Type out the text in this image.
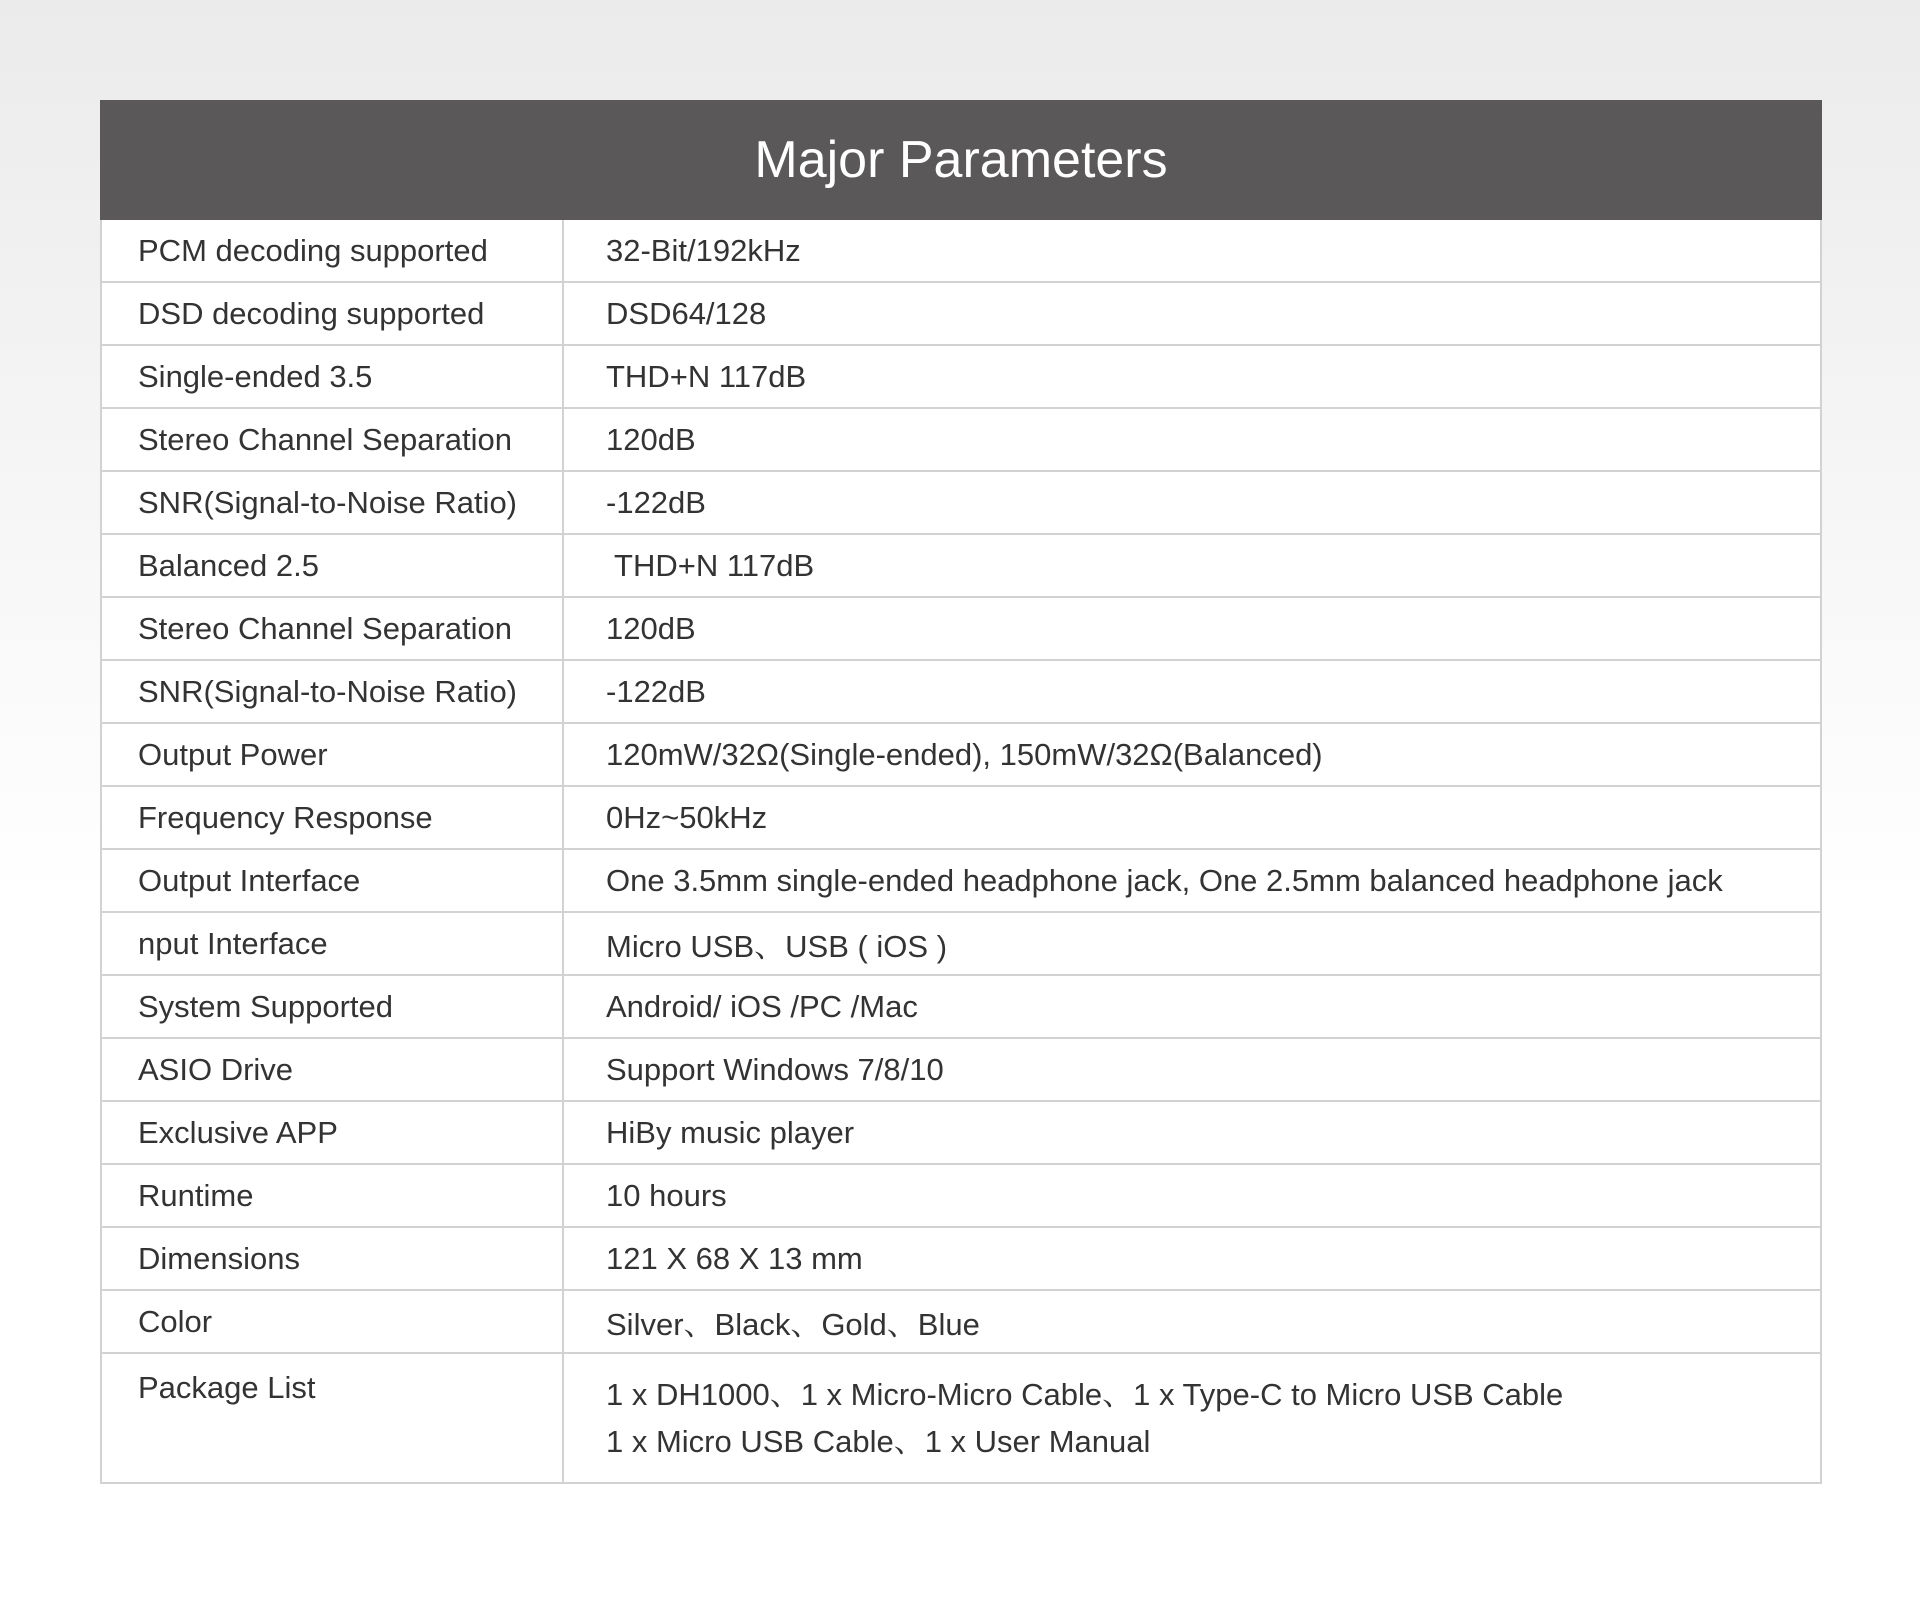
Major Parameters	
PCM decoding supported	32-Bit/192kHz
DSD decoding supported	DSD64/128
Single-ended 3.5	THD+N 117dB
Stereo Channel Separation	120dB
SNR(Signal-to-Noise Ratio)	-122dB
Balanced 2.5	THD+N 117dB
Stereo Channel Separation	120dB
SNR(Signal-to-Noise Ratio)	-122dB
Output Power	120mW/32Ω(Single-ended), 150mW/32Ω(Balanced)
Frequency Response	0Hz~50kHz
Output Interface	One 3.5mm single-ended headphone jack, One 2.5mm balanced headphone jack
nput Interface	Micro USB、USB ( iOS )
System Supported	Android/ iOS /PC /Mac
ASIO Drive	Support Windows 7/8/10
Exclusive APP	HiBy music player
Runtime	10 hours
Dimensions	121 X 68 X 13 mm
Color	Silver、Black、Gold、Blue
Package List	1 x DH1000、1 x Micro-Micro Cable、1 x Type-C to Micro USB Cable
1 x Micro USB Cable、1 x User Manual
